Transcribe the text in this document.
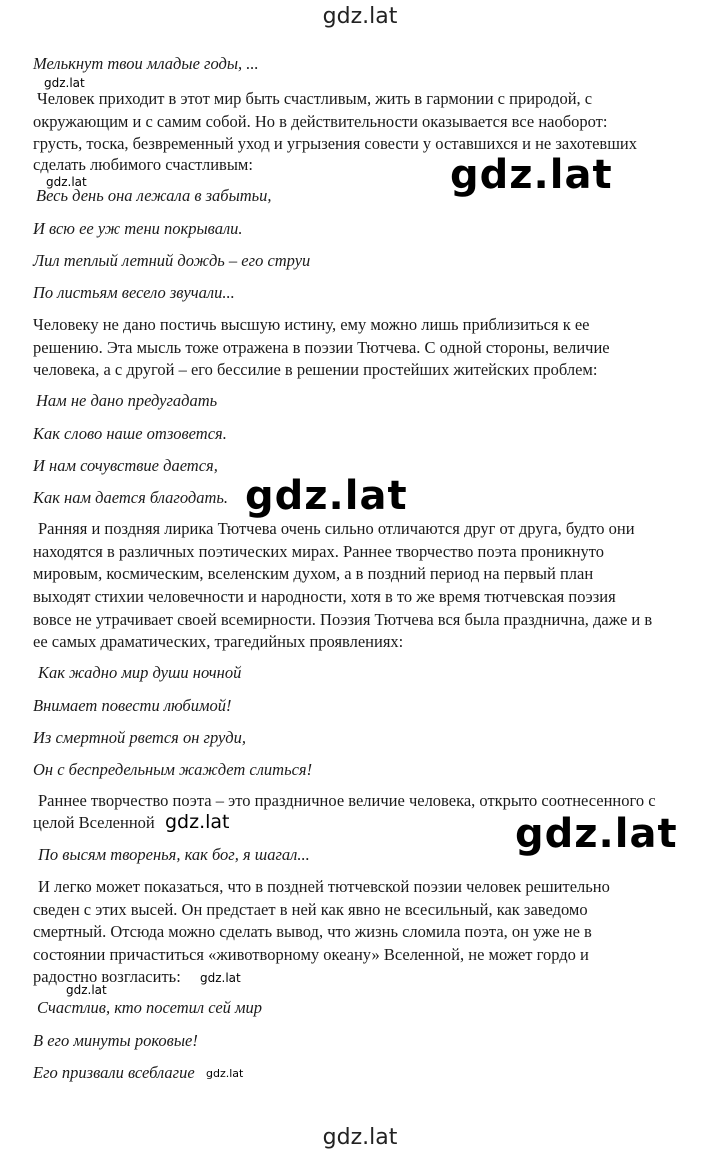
gdz.lat
Мелькнут твои младые годы, ...
Человек приходит в этот мир быть счастливым, жить в гармонии с природой, с
окружающим и с самим собой. Но в действительности оказывается все наоборот:
грусть, тоска, безвременный уход и угрызения совести у оставшихся и не захотевших
сделать любимого счастливым:
Весь день она лежала в забытьи,
И всю ее уж тени покрывали.
Лил теплый летний дождь – его струи
По листьям весело звучали...
Человеку не дано постичь высшую истину, ему можно лишь приблизиться к ее
решению. Эта мысль тоже отражена в поэзии Тютчева. С одной стороны, величие
человека, а с другой – его бессилие в решении простейших житейских проблем:
Нам не дано предугадать
Как слово наше отзовется.
И нам сочувствие дается,
Как нам дается благодать.
Ранняя и поздняя лирика Тютчева очень сильно отличаются друг от друга, будто они
находятся в различных поэтических мирах. Раннее творчество поэта проникнуто
мировым, космическим, вселенским духом, а в поздний период на первый план
выходят стихии человечности и народности, хотя в то же время тютчевская поэзия
вовсе не утрачивает своей всемирности. Поэзия Тютчева вся была празднична, даже и в
ее самых драматических, трагедийных проявлениях:
Как жадно мир души ночной
Внимает повести любимой!
Из смертной рвется он груди,
Он с беспредельным жаждет слиться!
Раннее творчество поэта – это праздничное величие человека, открыто соотнесенного с
целой Вселенной
По высям творенья, как бог, я шагал...
И легко может показаться, что в поздней тютчевской поэзии человек решительно
сведен с этих высей. Он предстает в ней как явно не всесильный, как заведомо
смертный. Отсюда можно сделать вывод, что жизнь сломила поэта, он уже не в
состоянии причаститься «животворному океану» Вселенной, не может гордо и
радостно возгласить:
Счастлив, кто посетил сей мир
В его минуты роковые!
Его призвали всеблагие
gdz.lat
gdz.lat	gdz.lat
gdz.lat
gdz.lat	gdz.lat
gdz.lat
gdz.lat
gdz.lat
gdz.lat
